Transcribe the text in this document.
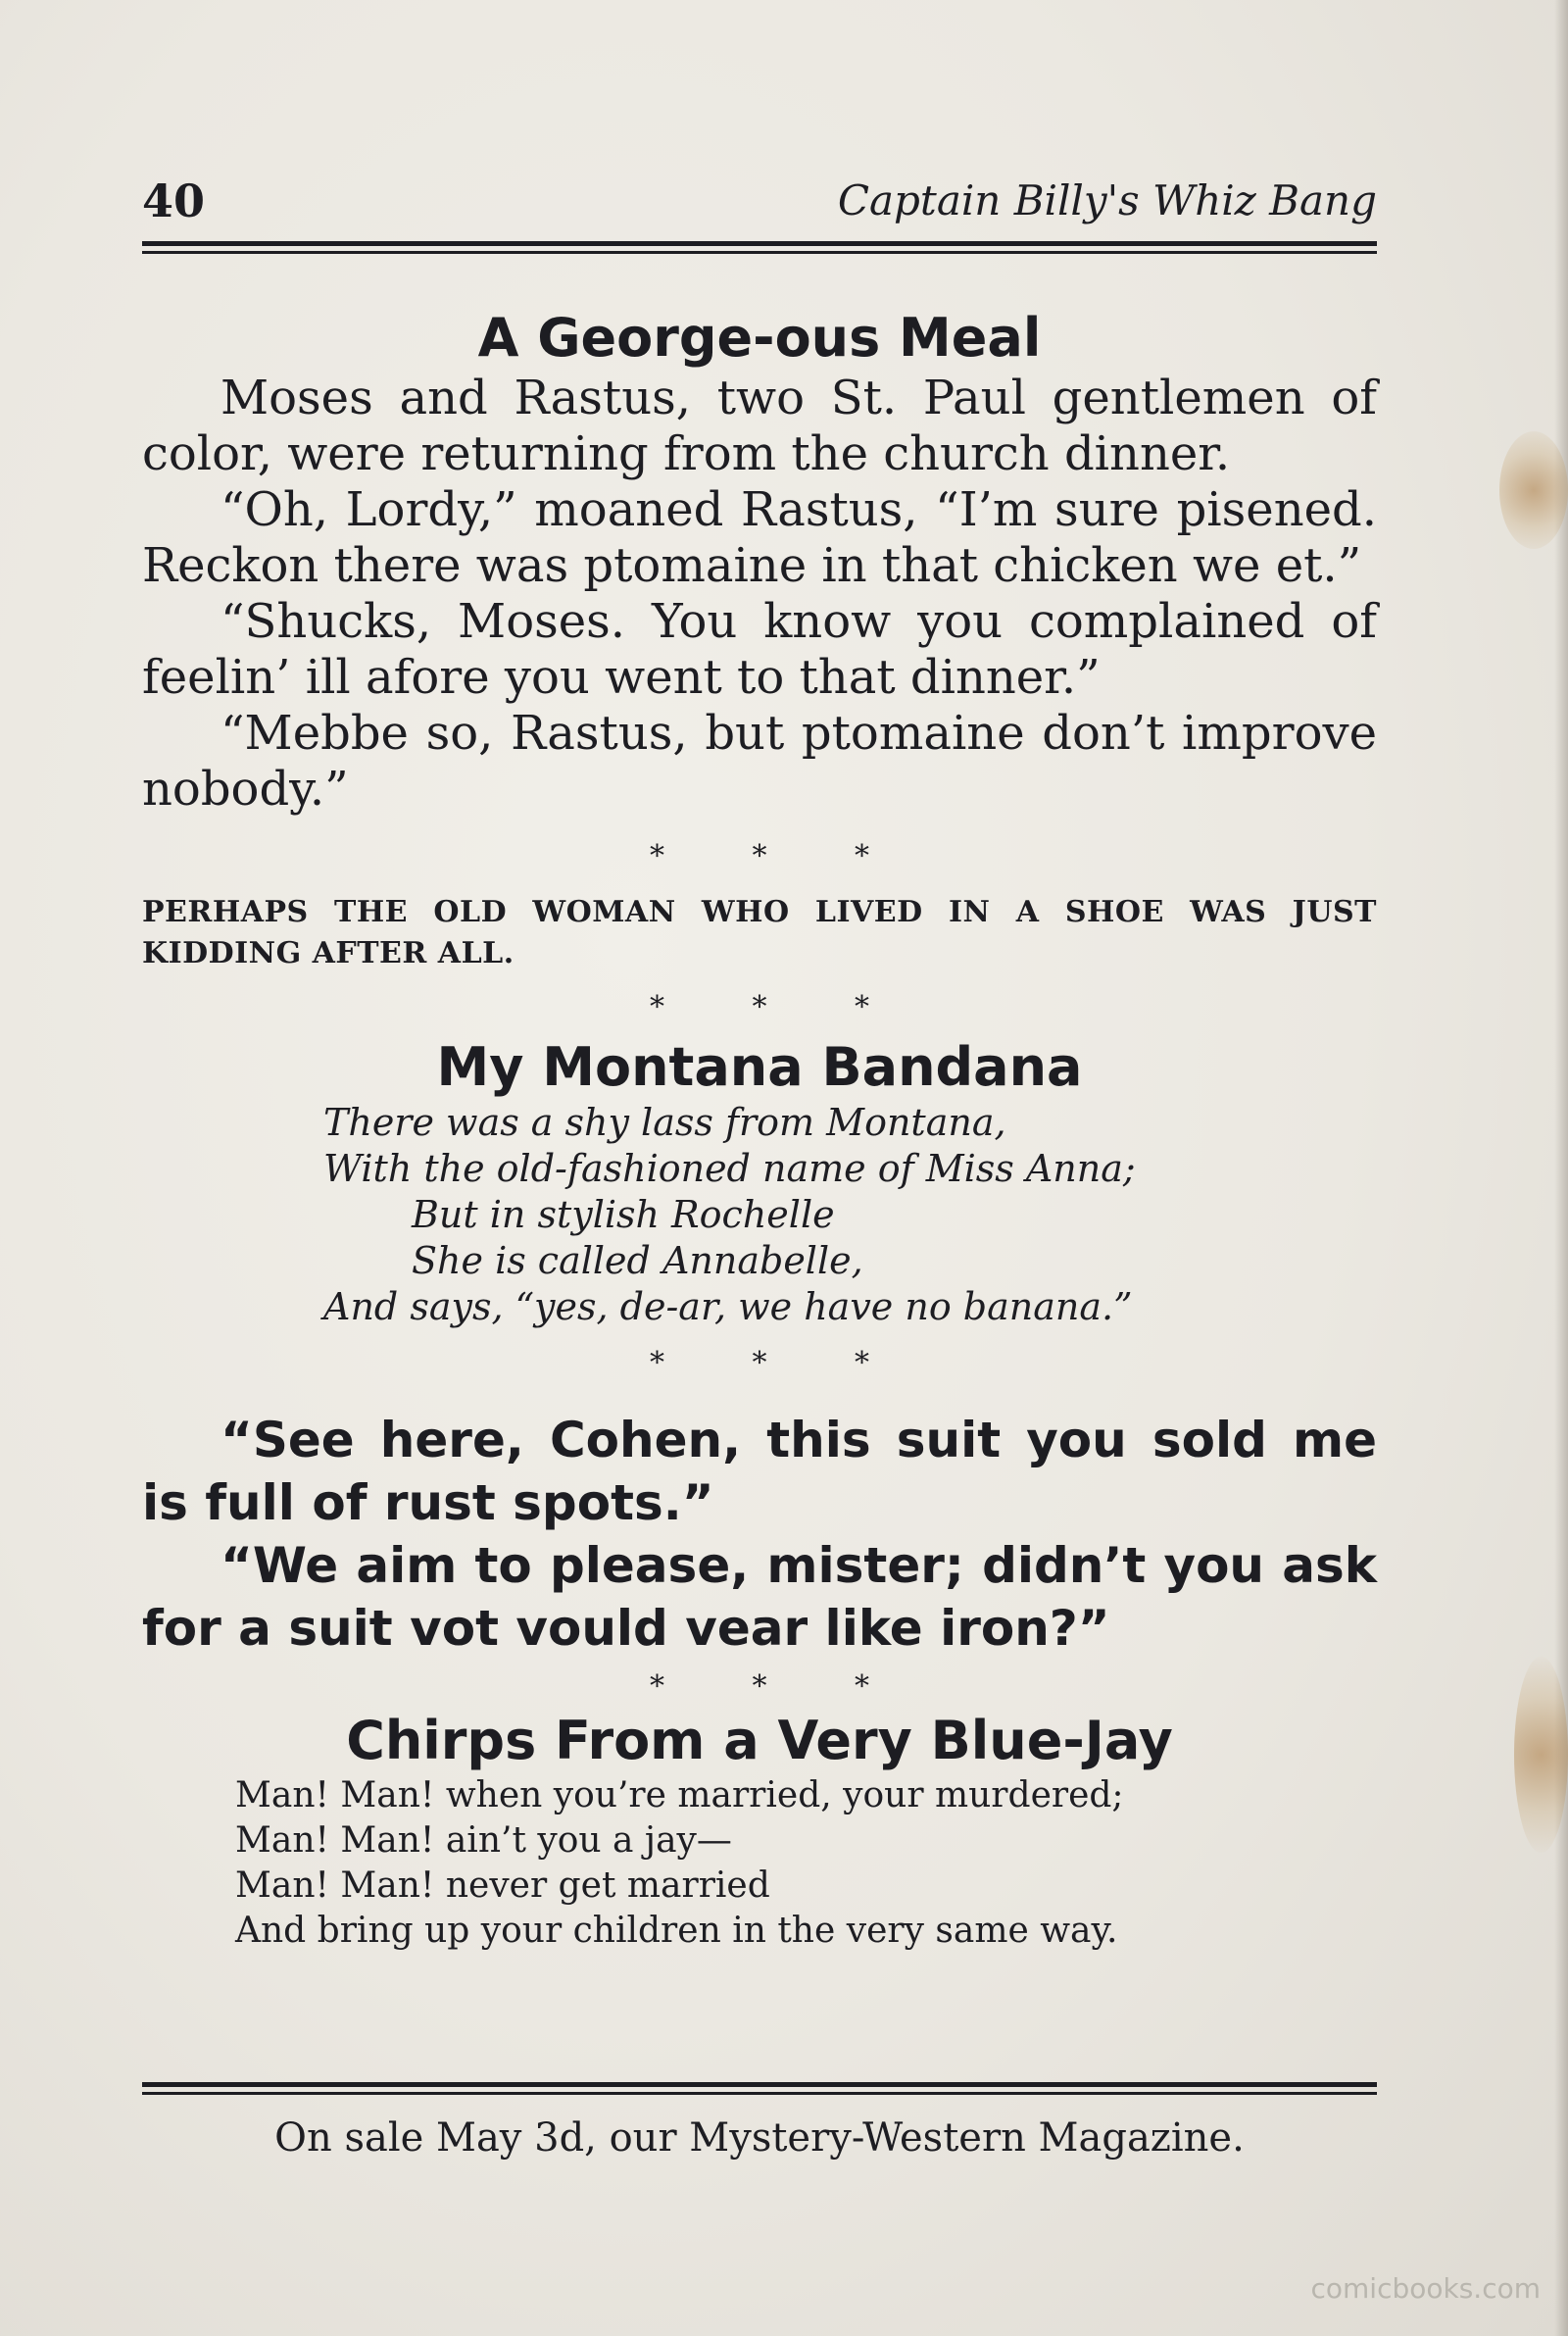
40	Captain Billy's Whiz Bang
A George-ous Meal

Moses and Rastus, two St. Paul gentlemen of color, were returning from the church dinner.

“Oh, Lordy,” moaned Rastus, “I’m sure pisened. Reckon there was ptomaine in that chicken we et.”

“Shucks, Moses. You know you complained of feelin’ ill afore you went to that dinner.”

“Mebbe so, Rastus, but ptomaine don’t improve nobody.”

* * *

PERHAPS THE OLD WOMAN WHO LIVED IN A SHOE WAS JUST KIDDING AFTER ALL.

* * *

My Montana Bandana

There was a shy lass from Montana,

With the old-fashioned name of Miss Anna;

But in stylish Rochelle

She is called Annabelle,

And says, “yes, de-ar, we have no banana.”

* * *

“See here, Cohen, this suit you sold me is full of rust spots.”

“We aim to please, mister; didn’t you ask for a suit vot vould vear like iron?”

* * *

Chirps From a Very Blue-Jay

Man! Man! when you’re married, your murdered;

Man! Man! ain’t you a jay—

Man! Man! never get married

And bring up your children in the very same way.

On sale May 3d, our Mystery-Western Magazine.
comicbooks.com
